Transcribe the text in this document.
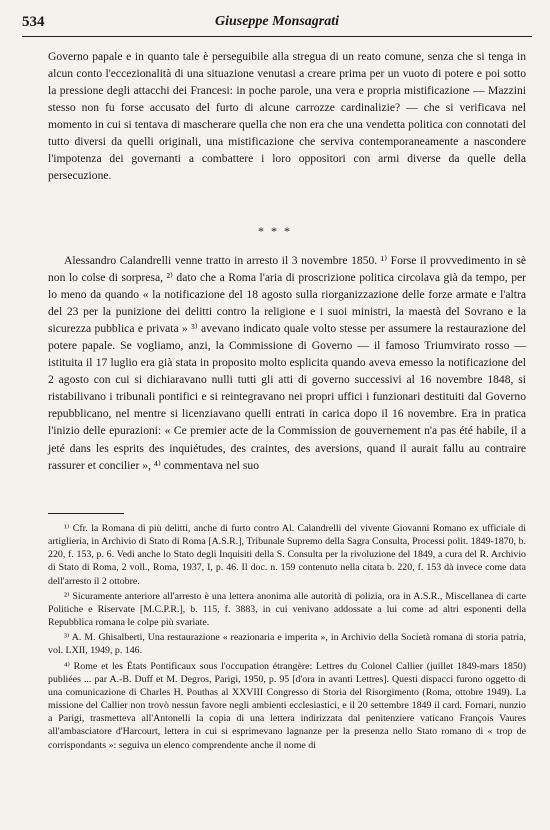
534	Giuseppe Monsagrati

Governo papale e in quanto tale è perseguibile alla stregua di un reato comune, senza che si tenga in alcun conto l'eccezionalità di una situazione venutasi a creare prima per un vuoto di potere e poi sotto la pressione degli attacchi dei Francesi: in poche parole, una vera e propria mistificazione — Mazzini stesso non fu forse accusato del furto di alcune carrozze cardinalizie? — che si verificava nel momento in cui si tentava di mascherare quella che non era che una vendetta politica con connotati del tutto diversi da quelli originali, una mistificazione che serviva contemporaneamente a nascondere l'impotenza dei governanti a combattere i loro oppositori con armi diverse da quelle della persecuzione.

* * *

Alessandro Calandrelli venne tratto in arresto il 3 novembre 1850. ¹⁾ Forse il provvedimento in sè non lo colse di sorpresa, ²⁾ dato che a Roma l'aria di proscrizione politica circolava già da tempo, per lo meno da quando « la notificazione del 18 agosto sulla riorganizzazione delle forze armate e l'altra del 23 per la punizione dei delitti contro la religione e i suoi ministri, la maestà del Sovrano e la sicurezza pubblica e privata » ³⁾ avevano indicato quale volto stesse per assumere la restaurazione del potere papale. Se vogliamo, anzi, la Commissione di Governo — il famoso Triumvirato rosso — istituita il 17 luglio era già stata in proposito molto esplicita quando aveva emesso la notificazione del 2 agosto con cui si dichiaravano nulli tutti gli atti di governo successivi al 16 novembre 1848, si ristabilivano i tribunali pontifici e si reintegravano nei propri uffici i funzionari destituiti dal Governo repubblicano, nel mentre si licenziavano quelli entrati in carica dopo il 16 novembre. Era in pratica l'inizio delle epurazioni: « Ce premier acte de la Commission de gouvernement n'a pas été habile, il a jeté dans les esprits des inquiétudes, des craintes, des aversions, quand il aurait fallu au contraire rassurer et concilier », ⁴⁾ commentava nel suo

¹⁾ Cfr. la Romana di più delitti, anche di furto contro Al. Calandrelli del vivente Giovanni Romano ex ufficiale di artiglieria, in Archivio di Stato di Roma [A.S.R.], Tribunale Supremo della Sagra Consulta, Processi polit. 1849-1870, b. 220, f. 153, p. 6. Vedi anche lo Stato degli Inquisiti della S. Consulta per la rivoluzione del 1849, a cura del R. Archivio di Stato di Roma, 2 voll., Roma, 1937, I, p. 46. Il doc. n. 159 contenuto nella citata b. 220, f. 153 dà invece come data dell'arresto il 2 ottobre.

²⁾ Sicuramente anteriore all'arresto è una lettera anonima alle autorità di polizia, ora in A.S.R., Miscellanea di carte Politiche e Riservate [M.C.P.R.], b. 115, f. 3883, in cui venivano addossate a lui come ad altri esponenti della Repubblica romana le colpe più svariate.

³⁾ A. M. Ghisalberti, Una restaurazione « reazionaria e imperita », in Archivio della Società romana di storia patria, vol. LXII, 1949, p. 146.

⁴⁾ Rome et les États Pontificaux sous l'occupation étrangère: Lettres du Colonel Callier (juillet 1849-mars 1850) publiées ... par A.-B. Duff et M. Degros, Parigi, 1950, p. 95 [d'ora in avanti Lettres]. Questi dispacci furono oggetto di una comunicazione di Charles H. Pouthas al XXVIII Congresso di Storia del Risorgimento (Roma, ottobre 1949). La missione del Callier non trovò nessun favore negli ambienti ecclesiastici, e il 20 settembre 1849 il card. Fornari, nunzio a Parigi, trasmetteva all'Antonelli la copia di una lettera indirizzata dal penitenziere vaticano François Vaures all'ambasciatore d'Harcourt, lettera in cui si esprimevano lagnanze per la presenza nello Stato romano di « trop de corrispondants »: seguiva un elenco comprendente anche il nome di
